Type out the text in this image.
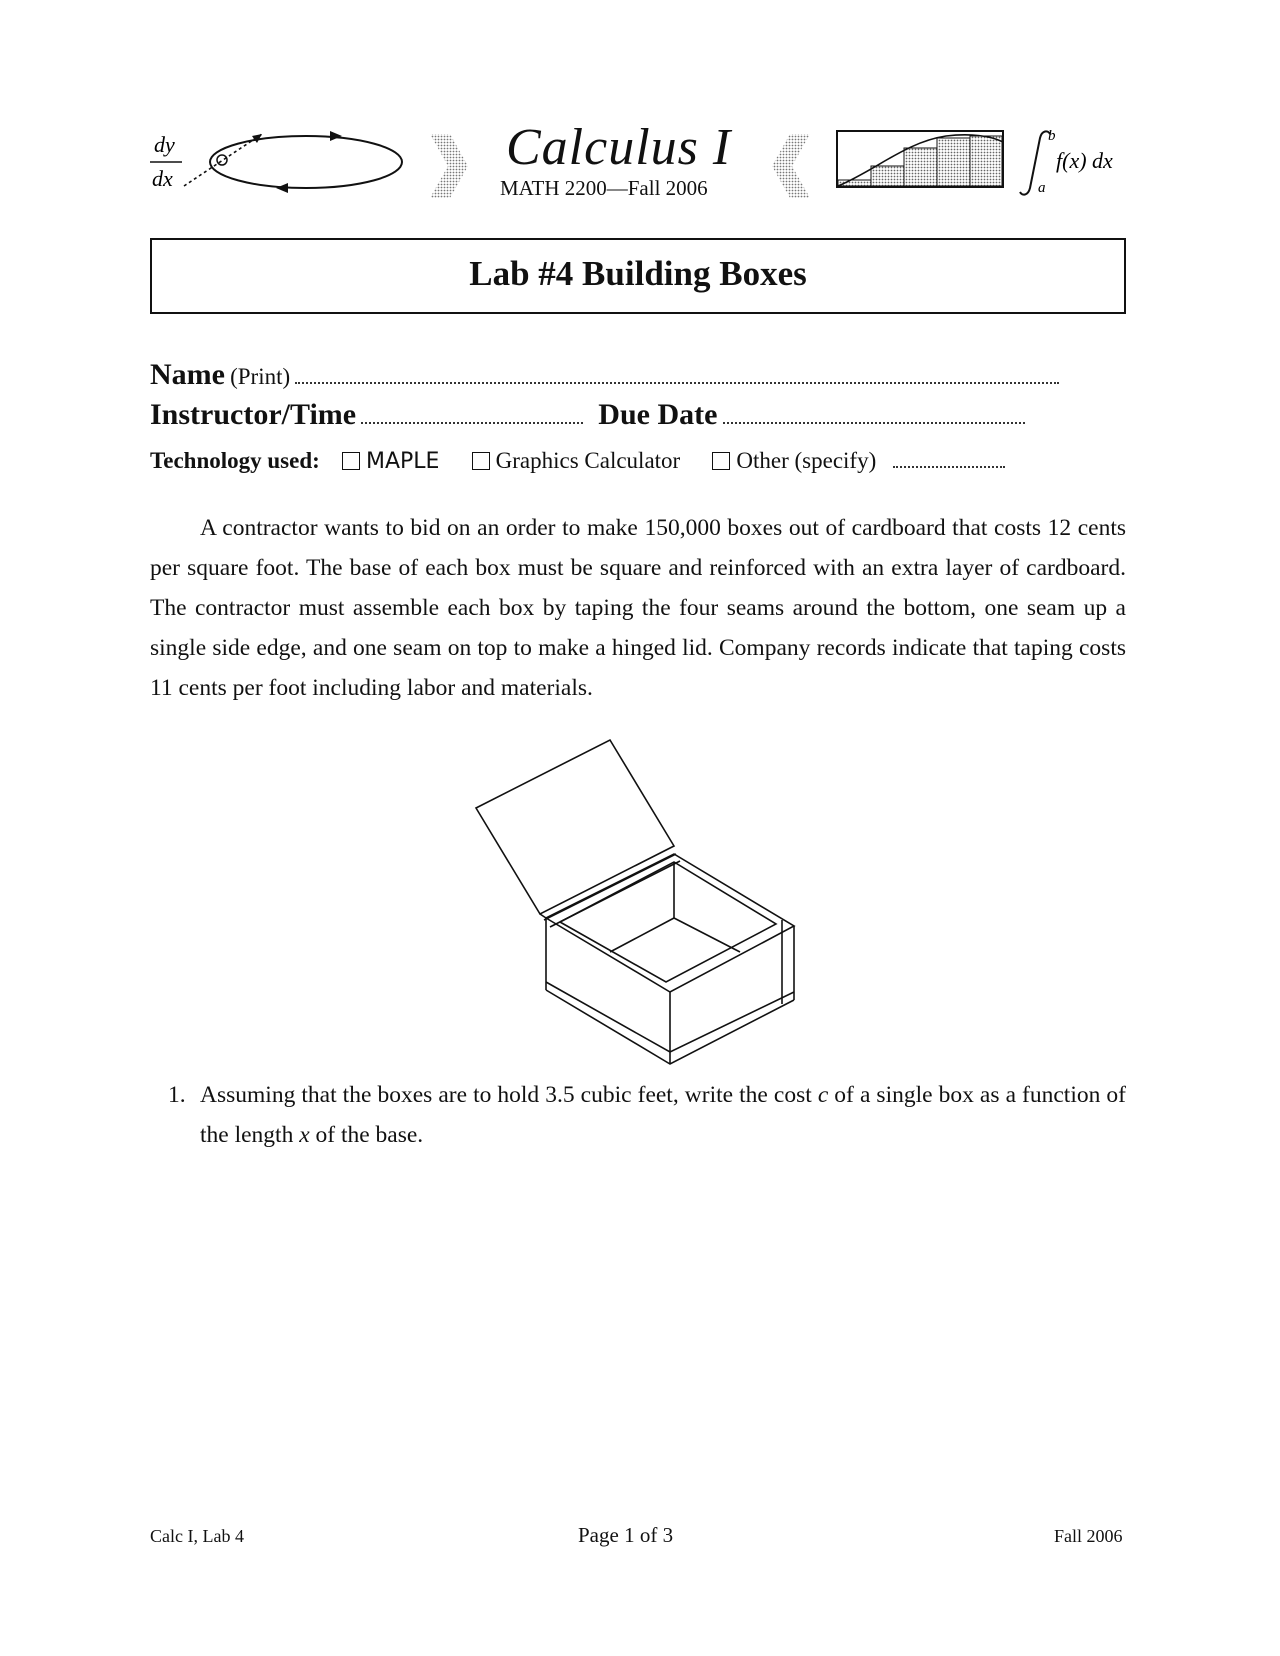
dy
dx
Calculus I
MATH 2200—Fall 2006
b
a
f(x) dx
Lab #4 Building Boxes
Name (Print)
Instructor/Time	Due Date
Technology used: MAPLE Graphics Calculator Other (specify)
A contractor wants to bid on an order to make 150,000 boxes out of cardboard that costs 12 cents per square foot. The base of each box must be square and reinforced with an extra layer of cardboard. The contractor must assemble each box by taping the four seams around the bottom, one seam up a single side edge, and one seam on top to make a hinged lid. Company records indicate that taping costs 11 cents per foot including labor and materials.
1. Assuming that the boxes are to hold 3.5 cubic feet, write the cost c of a single box as a function of the length x of the base.
Calc I, Lab 4	Page 1 of 3	Fall 2006
